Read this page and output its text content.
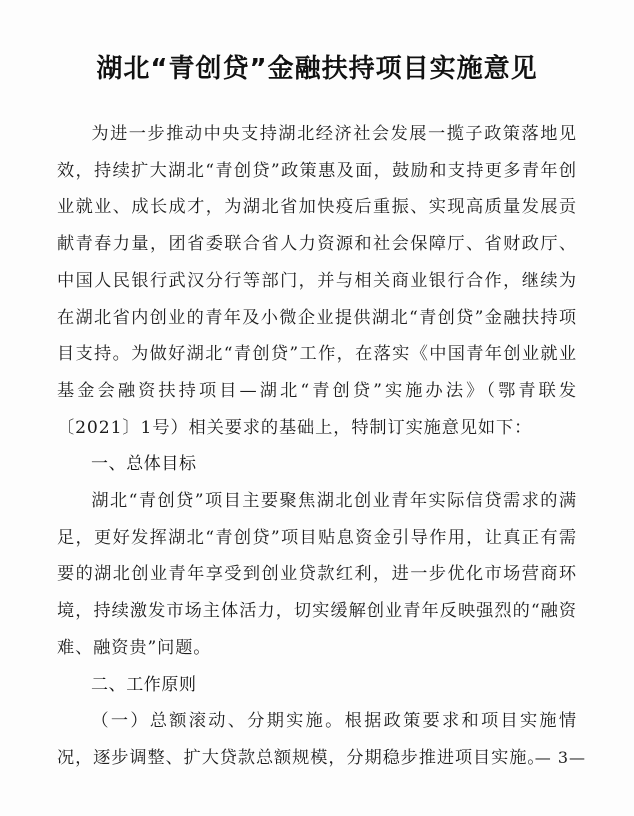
湖北“青创贷”金融扶持项目实施意见

为进一步推动中央支持湖北经济社会发展一揽子政策落地见效，持续扩大湖北“青创贷”政策惠及面，鼓励和支持更多青年创业就业、成长成才，为湖北省加快疫后重振、实现高质量发展贡献青春力量，团省委联合省人力资源和社会保障厅、省财政厅、中国人民银行武汉分行等部门，并与相关商业银行合作，继续为在湖北省内创业的青年及小微企业提供湖北“青创贷”金融扶持项目支持。为做好湖北“青创贷”工作，在落实《中国青年创业就业基金会融资扶持项目—湖北“青创贷”实施办法》（鄂青联发〔2021〕1号）相关要求的基础上，特制订实施意见如下：

一、总体目标

湖北“青创贷”项目主要聚焦湖北创业青年实际信贷需求的满足，更好发挥湖北“青创贷”项目贴息资金引导作用，让真正有需要的湖北创业青年享受到创业贷款红利，进一步优化市场营商环境，持续激发市场主体活力，切实缓解创业青年反映强烈的“融资难、融资贵”问题。

二、工作原则

（一）总额滚动、分期实施。根据政策要求和项目实施情况，逐步调整、扩大贷款总额规模，分期稳步推进项目实施。

— 3—
